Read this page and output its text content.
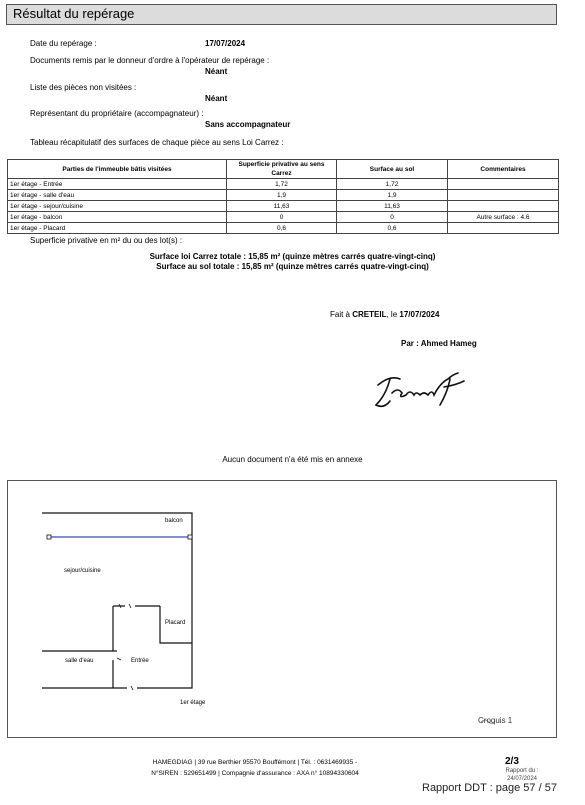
Résultat du repérage
Date du repérage :	17/07/2024
Documents remis par le donneur d'ordre à l'opérateur de repérage :
Néant
Liste des pièces non visitées :
Néant
Représentant du propriétaire (accompagnateur) :
Sans accompagnateur
Tableau récapitulatif des surfaces de chaque pièce au sens Loi Carrez :
Parties de l'immeuble bâtis visitées	Superficie privative au sens Carrez	Surface au sol	Commentaires
1er étage - Entrée	1,72	1,72	
1er étage - salle d'eau	1,9	1,9	
1er étage - sejour/cuisine	11,63	11,63	
1er étage - balcon	0	0	Autre surface : 4.6
1er étage - Placard	0,6	0,6	
Superficie privative en m² du ou des lot(s) :
Surface loi Carrez totale : 15,85 m² (quinze mètres carrés quatre-vingt-cinq)
Surface au sol totale : 15,85 m² (quinze mètres carrés quatre-vingt-cinq)
Fait à CRETEIL, le 17/07/2024
Par : Ahmed Hameg
Aucun document n'a été mis en annexe
balcon
sejour/cuisine
Placard
salle d'eau	Entrée
1er étage
Croquis 1
HAMEGDIAG | 39 rue Berthier 95570 Bouffémont | Tél. : 0631469935 -
N°SIREN : 529651499 | Compagnie d'assurance : AXA n° 10894330604
2/3
Rapport du :
24/07/2024
Rapport DDT : page 57 / 57
